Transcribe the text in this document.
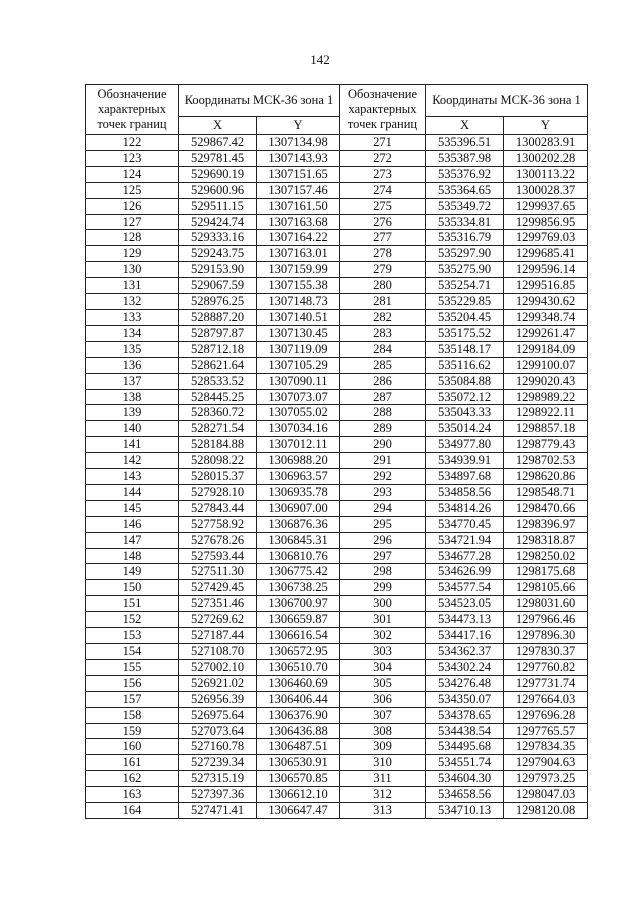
142
Обозначение характерных точек границ	Координаты МСК-36 зона 1		Обозначение характерных точек границ	Координаты МСК-36 зона 1	
	X	Y		X	Y
122	529867.42	1307134.98	271	535396.51	1300283.91
123	529781.45	1307143.93	272	535387.98	1300202.28
124	529690.19	1307151.65	273	535376.92	1300113.22
125	529600.96	1307157.46	274	535364.65	1300028.37
126	529511.15	1307161.50	275	535349.72	1299937.65
127	529424.74	1307163.68	276	535334.81	1299856.95
128	529333.16	1307164.22	277	535316.79	1299769.03
129	529243.75	1307163.01	278	535297.90	1299685.41
130	529153.90	1307159.99	279	535275.90	1299596.14
131	529067.59	1307155.38	280	535254.71	1299516.85
132	528976.25	1307148.73	281	535229.85	1299430.62
133	528887.20	1307140.51	282	535204.45	1299348.74
134	528797.87	1307130.45	283	535175.52	1299261.47
135	528712.18	1307119.09	284	535148.17	1299184.09
136	528621.64	1307105.29	285	535116.62	1299100.07
137	528533.52	1307090.11	286	535084.88	1299020.43
138	528445.25	1307073.07	287	535072.12	1298989.22
139	528360.72	1307055.02	288	535043.33	1298922.11
140	528271.54	1307034.16	289	535014.24	1298857.18
141	528184.88	1307012.11	290	534977.80	1298779.43
142	528098.22	1306988.20	291	534939.91	1298702.53
143	528015.37	1306963.57	292	534897.68	1298620.86
144	527928.10	1306935.78	293	534858.56	1298548.71
145	527843.44	1306907.00	294	534814.26	1298470.66
146	527758.92	1306876.36	295	534770.45	1298396.97
147	527678.26	1306845.31	296	534721.94	1298318.87
148	527593.44	1306810.76	297	534677.28	1298250.02
149	527511.30	1306775.42	298	534626.99	1298175.68
150	527429.45	1306738.25	299	534577.54	1298105.66
151	527351.46	1306700.97	300	534523.05	1298031.60
152	527269.62	1306659.87	301	534473.13	1297966.46
153	527187.44	1306616.54	302	534417.16	1297896.30
154	527108.70	1306572.95	303	534362.37	1297830.37
155	527002.10	1306510.70	304	534302.24	1297760.82
156	526921.02	1306460.69	305	534276.48	1297731.74
157	526956.39	1306406.44	306	534350.07	1297664.03
158	526975.64	1306376.90	307	534378.65	1297696.28
159	527073.64	1306436.88	308	534438.54	1297765.57
160	527160.78	1306487.51	309	534495.68	1297834.35
161	527239.34	1306530.91	310	534551.74	1297904.63
162	527315.19	1306570.85	311	534604.30	1297973.25
163	527397.36	1306612.10	312	534658.56	1298047.03
164	527471.41	1306647.47	313	534710.13	1298120.08
